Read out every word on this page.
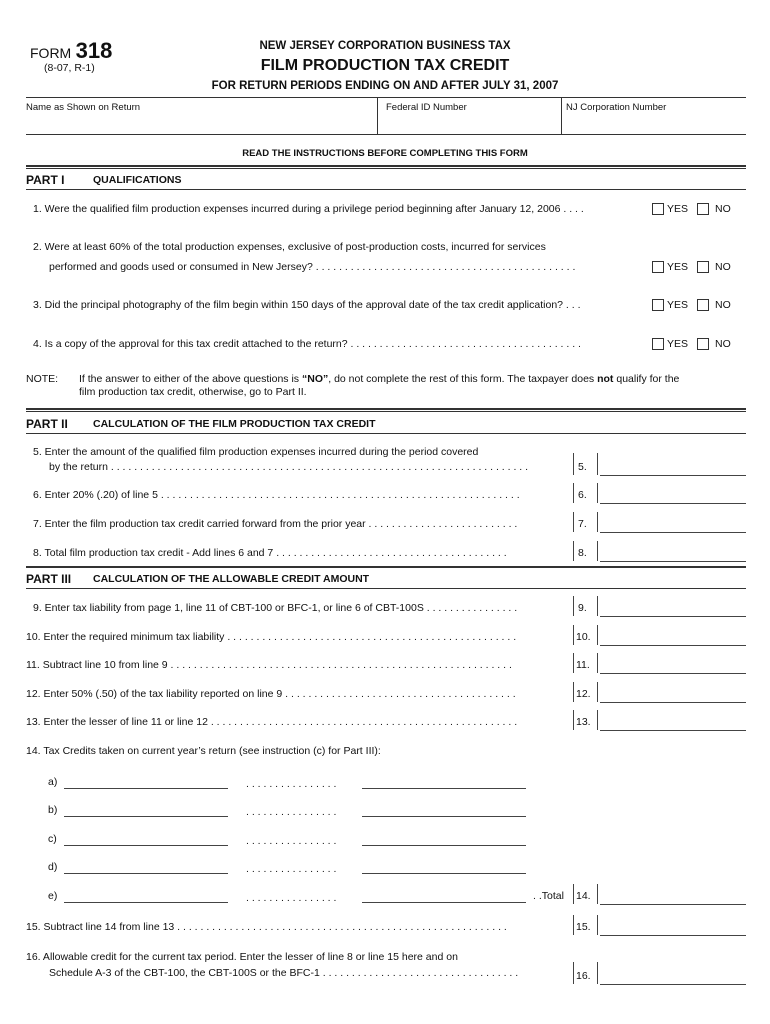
FORM 318
(8-07, R-1)
NEW JERSEY CORPORATION BUSINESS TAX
FILM PRODUCTION TAX CREDIT
FOR RETURN PERIODS ENDING ON AND AFTER JULY 31, 2007
Name as Shown on Return	Federal ID Number	NJ Corporation Number
READ THE INSTRUCTIONS BEFORE COMPLETING THIS FORM
PART I	QUALIFICATIONS
1. Were the qualified film production expenses incurred during a privilege period beginning after January 12, 2006 . . . .	YES	NO
2. Were at least 60% of the total production expenses, exclusive of post-production costs, incurred for services
performed and goods used or consumed in New Jersey? . . . . . . . . . . . . . . . . . . . . . . . . . . . . . . . . . . . . . . . . . . . . .	YES	NO
3. Did the principal photography of the film begin within 150 days of the approval date of the tax credit application? . . .	YES	NO
4. Is a copy of the approval for this tax credit attached to the return? . . . . . . . . . . . . . . . . . . . . . . . . . . . . . . . . . . . . . . . .	YES	NO
NOTE: If the answer to either of the above questions is “NO”, do not complete the rest of this form. The taxpayer does not qualify for the
film production tax credit, otherwise, go to Part II.
PART II CALCULATION OF THE FILM PRODUCTION TAX CREDIT
5. Enter the amount of the qualified film production expenses incurred during the period covered
by the return . . . . . . . . . . . . . . . . . . . . . . . . . . . . . . . . . . . . . . . . . . . . . . . . . . . . . . . . . . . . . . . . . . . . . . . .	5.
6. Enter 20% (.20) of line 5 . . . . . . . . . . . . . . . . . . . . . . . . . . . . . . . . . . . . . . . . . . . . . . . . . . . . . . . . . . . . . .	6.
7. Enter the film production tax credit carried forward from the prior year . . . . . . . . . . . . . . . . . . . . . . . . . .	7.
8. Total film production tax credit - Add lines 6 and 7 . . . . . . . . . . . . . . . . . . . . . . . . . . . . . . . . . . . . . . . .	8.
PART III CALCULATION OF THE ALLOWABLE CREDIT AMOUNT
9. Enter tax liability from page 1, line 11 of CBT-100 or BFC-1, or line 6 of CBT-100S . . . . . . . . . . . . . . . .	9.
10. Enter the required minimum tax liability . . . . . . . . . . . . . . . . . . . . . . . . . . . . . . . . . . . . . . . . . . . . . . . . . .	10.
11. Subtract line 10 from line 9 . . . . . . . . . . . . . . . . . . . . . . . . . . . . . . . . . . . . . . . . . . . . . . . . . . . . . . . . . . .	11.
12. Enter 50% (.50) of the tax liability reported on line 9 . . . . . . . . . . . . . . . . . . . . . . . . . . . . . . . . . . . . . . . .	12.
13. Enter the lesser of line 11 or line 12 . . . . . . . . . . . . . . . . . . . . . . . . . . . . . . . . . . . . . . . . . . . . . . . . . . . . .	13.
14. Tax Credits taken on current year’s return (see instruction (c) for Part III):
a)	. . . . . . . . . . . . . . . .
b)	. . . . . . . . . . . . . . . .
c)	. . . . . . . . . . . . . . . .
d)	. . . . . . . . . . . . . . . .
e)	. . . . . . . . . . . . . . . .	. .Total 14.
15. Subtract line 14 from line 13 . . . . . . . . . . . . . . . . . . . . . . . . . . . . . . . . . . . . . . . . . . . . . . . . . . . . . . . . .	15.
16. Allowable credit for the current tax period. Enter the lesser of line 8 or line 15 here and on
Schedule A-3 of the CBT-100, the CBT-100S or the BFC-1 . . . . . . . . . . . . . . . . . . . . . . . . . . . . . . . . . .	16.
